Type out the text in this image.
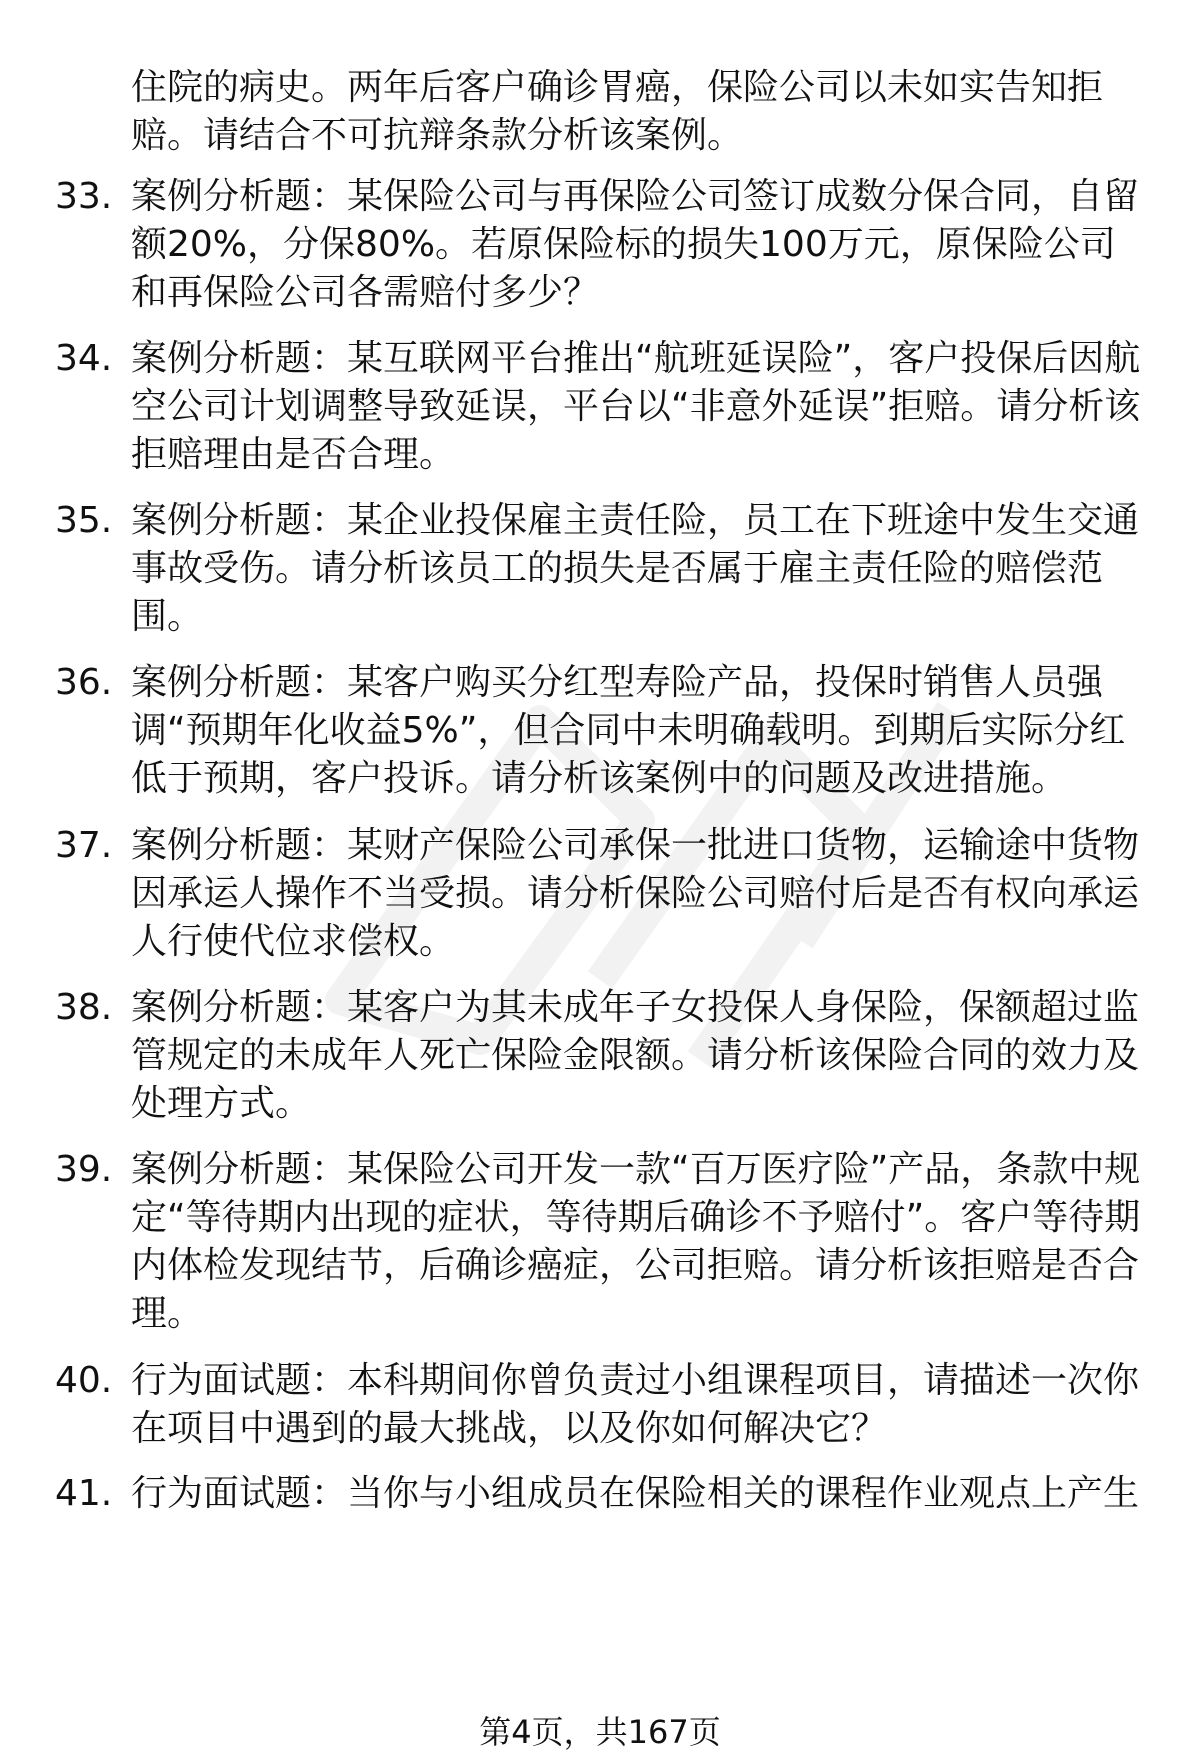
住院的病史。两年后客户确诊胃癌，保险公司以未如实告知拒赔。请结合不可抗辩条款分析该案例。
33. 案例分析题：某保险公司与再保险公司签订成数分保合同，自留额20%，分保80%。若原保险标的损失100万元，原保险公司和再保险公司各需赔付多少？
34. 案例分析题：某互联网平台推出“航班延误险”，客户投保后因航空公司计划调整导致延误，平台以“非意外延误”拒赔。请分析该拒赔理由是否合理。
35. 案例分析题：某企业投保雇主责任险，员工在下班途中发生交通事故受伤。请分析该员工的损失是否属于雇主责任险的赔偿范围。
36. 案例分析题：某客户购买分红型寿险产品，投保时销售人员强调“预期年化收益5%”，但合同中未明确载明。到期后实际分红低于预期，客户投诉。请分析该案例中的问题及改进措施。
37. 案例分析题：某财产保险公司承保一批进口货物，运输途中货物因承运人操作不当受损。请分析保险公司赔付后是否有权向承运人行使代位求偿权。
38. 案例分析题：某客户为其未成年子女投保人身保险，保额超过监管规定的未成年人死亡保险金限额。请分析该保险合同的效力及处理方式。
39. 案例分析题：某保险公司开发一款“百万医疗险”产品，条款中规定“等待期内出现的症状，等待期后确诊不予赔付”。客户等待期内体检发现结节，后确诊癌症，公司拒赔。请分析该拒赔是否合理。
40. 行为面试题：本科期间你曾负责过小组课程项目，请描述一次你在项目中遇到的最大挑战，以及你如何解决它？
41. 行为面试题：当你与小组成员在保险相关的课程作业观点上产生
第4页，共167页
